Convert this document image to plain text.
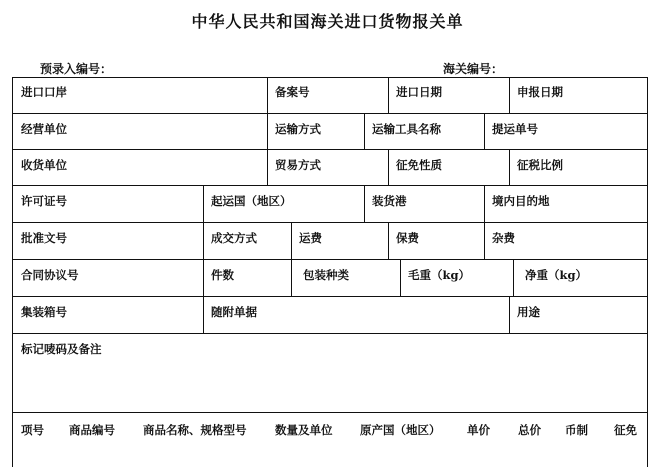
中华人民共和国海关进口货物报关单
预录入编号：	海关编号：
进口口岸	备案号	进口日期	申报日期
经营单位	运输方式	运输工具名称	提运单号
收货单位	贸易方式	征免性质	征税比例
许可证号	起运国（地区）	装货港	境内目的地
批准文号	成交方式	运费	保费	杂费
合同协议号	件数	包装种类	毛重（kg）	净重（kg）
集装箱号	随附单据	用途
标记唛码及备注
项号 商品编号 商品名称、规格型号 数量及单位 原产国（地区） 单价 总价 币制 征免
